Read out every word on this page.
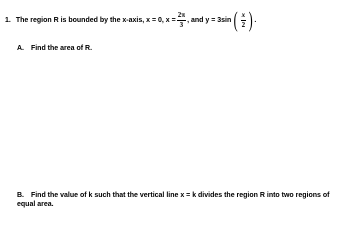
1. The region R is bounded by the x-axis, x = 0, $x = \frac{2\pi}{3}$ , and y = 3sin ( $\frac{x}{2}$ ) .
A. Find the area of R.
B. Find the value of k such that the vertical line x = k divides the region R into two regions of equal area.
